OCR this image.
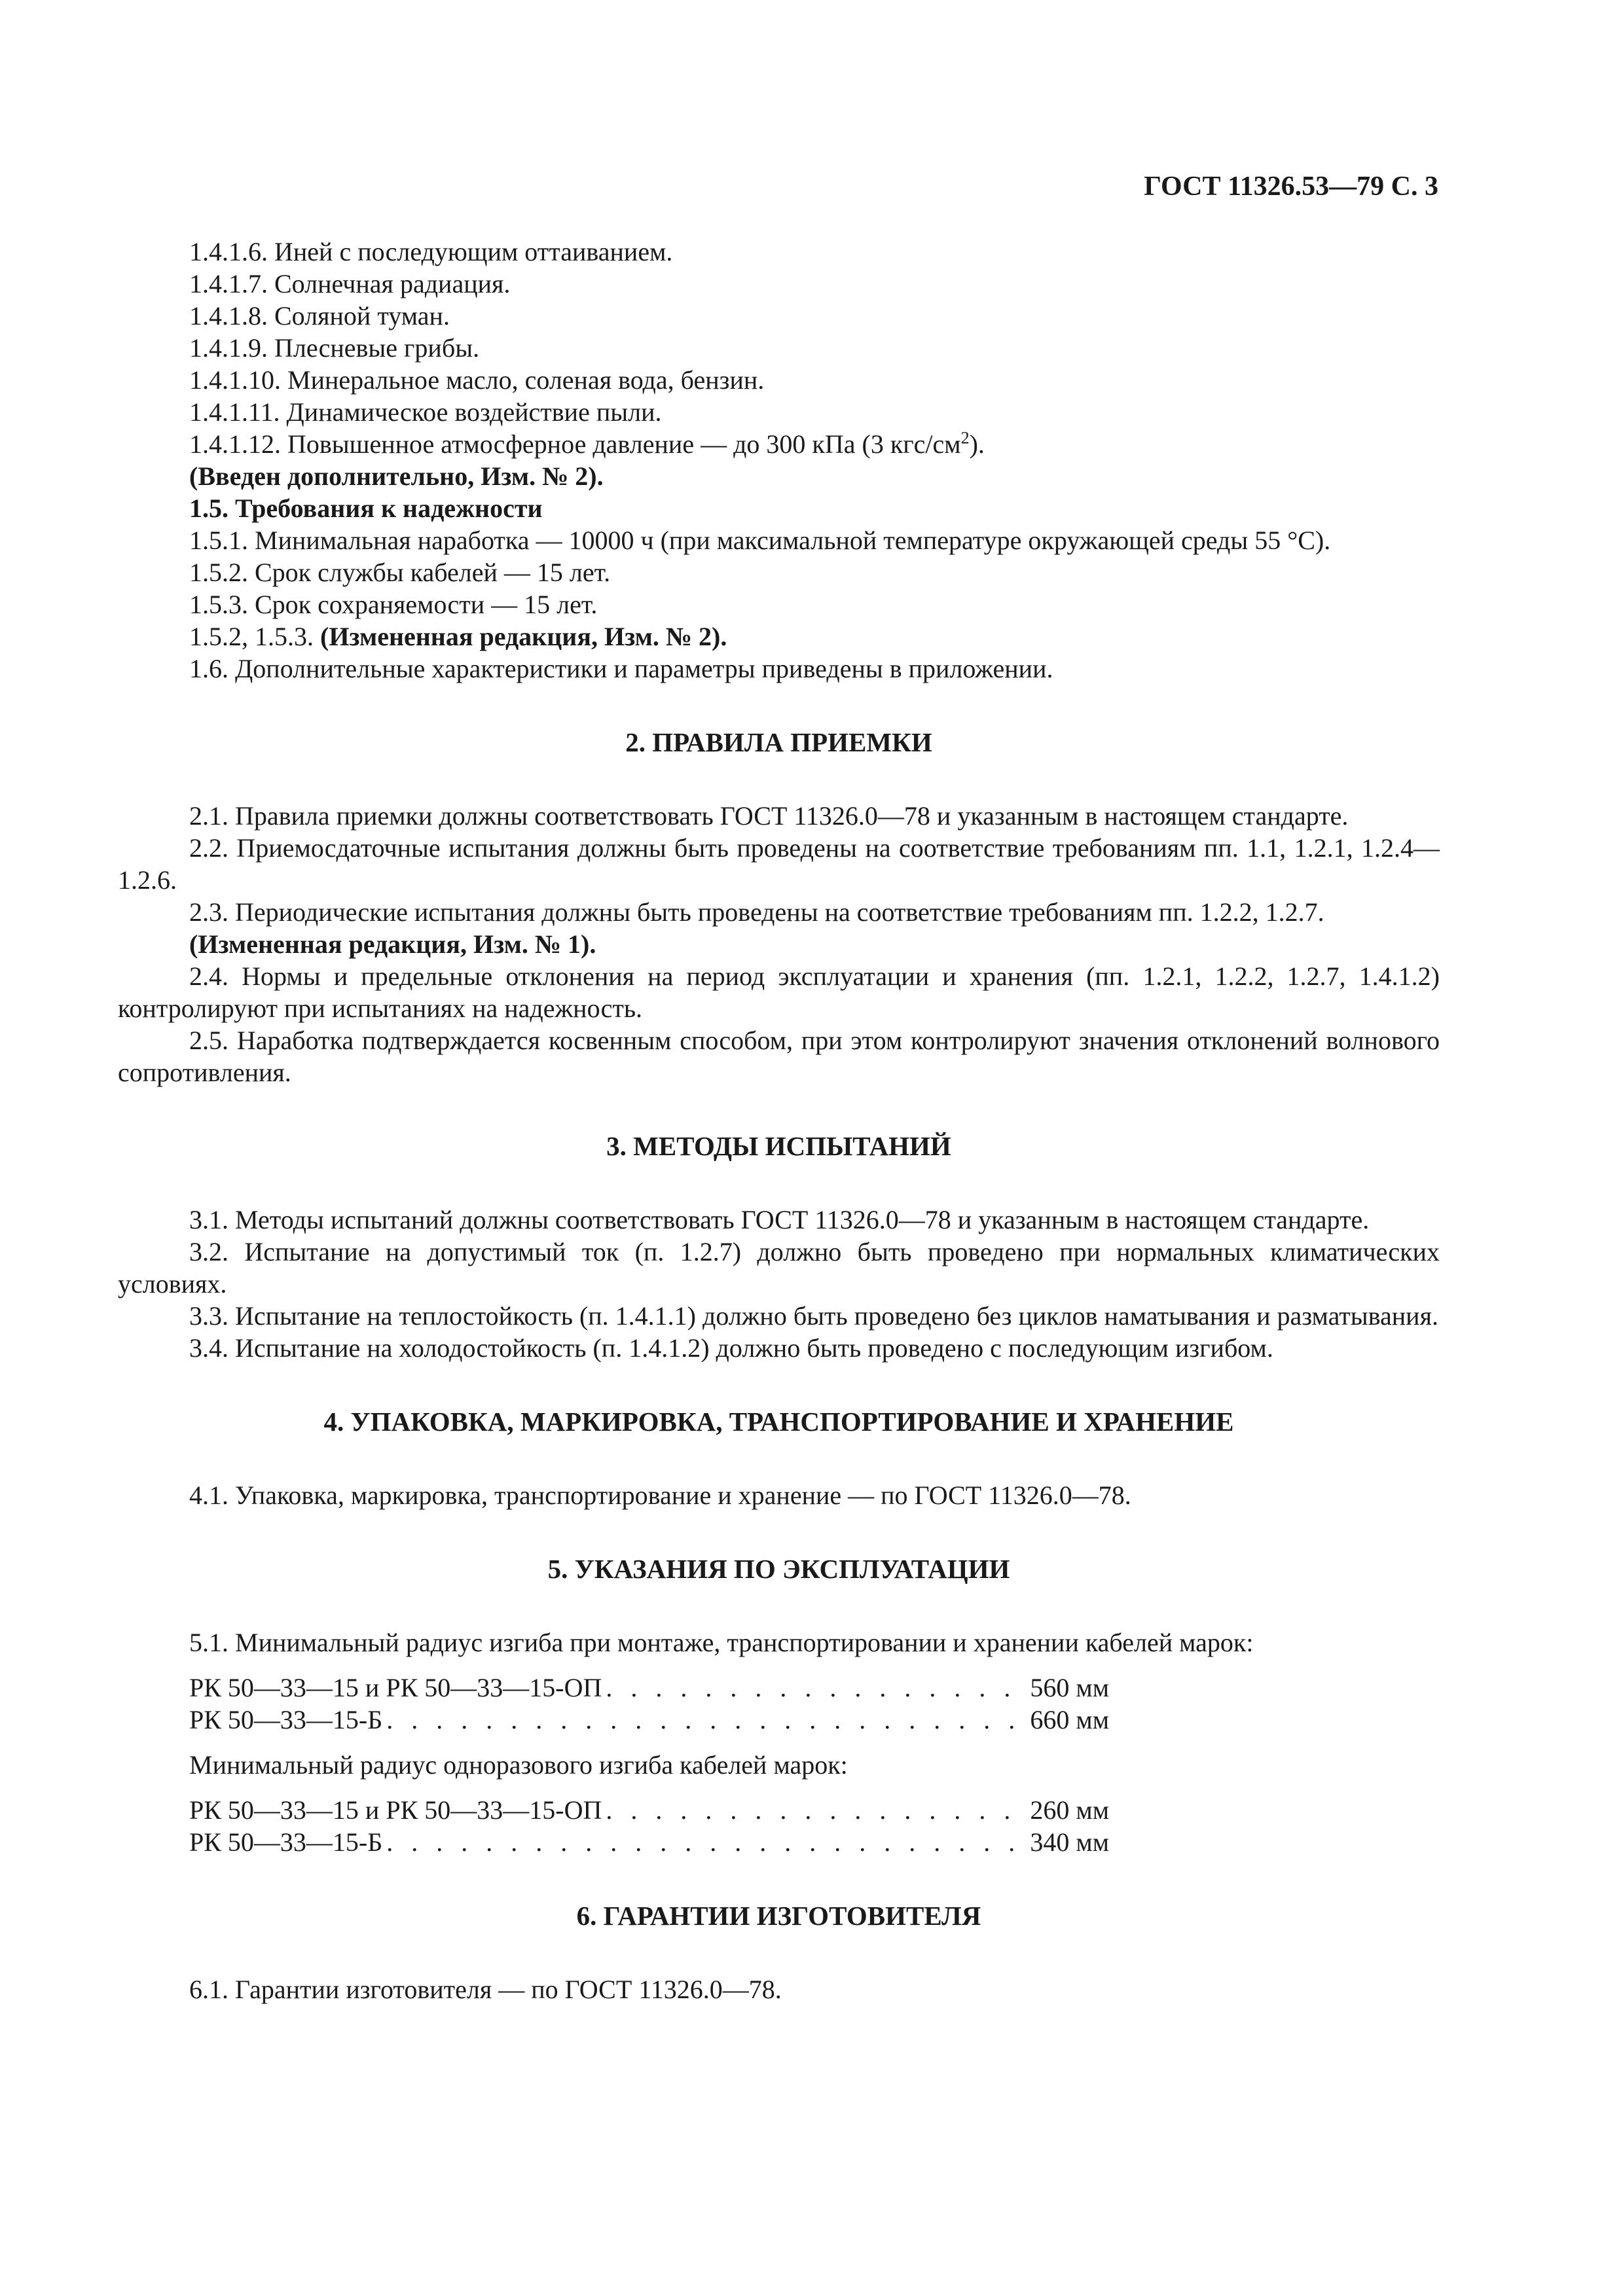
ГОСТ 11326.53—79 С. 3

1.4.1.6. Иней с последующим оттаиванием.

1.4.1.7. Солнечная радиация.

1.4.1.8. Соляной туман.

1.4.1.9. Плесневые грибы.

1.4.1.10. Минеральное масло, соленая вода, бензин.

1.4.1.11. Динамическое воздействие пыли.

1.4.1.12. Повышенное атмосферное давление — до 300 кПа (3 кгс/$см^2$).

(Введен дополнительно, Изм. № 2).

1.5. Требования к надежности

1.5.1. Минимальная наработка — 10000 ч (при максимальной температуре окружающей среды 55 °С).

1.5.2. Срок службы кабелей — 15 лет.

1.5.3. Срок сохраняемости — 15 лет.

1.5.2, 1.5.3. (Измененная редакция, Изм. № 2).

1.6. Дополнительные характеристики и параметры приведены в приложении.

2. ПРАВИЛА ПРИЕМКИ

2.1. Правила приемки должны соответствовать ГОСТ 11326.0—78 и указанным в настоящем стандарте.

2.2. Приемосдаточные испытания должны быть проведены на соответствие требованиям пп. 1.1, 1.2.1, 1.2.4—1.2.6.

2.3. Периодические испытания должны быть проведены на соответствие требованиям пп. 1.2.2, 1.2.7.

(Измененная редакция, Изм. № 1).

2.4. Нормы и предельные отклонения на период эксплуатации и хранения (пп. 1.2.1, 1.2.2, 1.2.7, 1.4.1.2) контролируют при испытаниях на надежность.

2.5. Наработка подтверждается косвенным способом, при этом контролируют значения отклонений волнового сопротивления.

3. МЕТОДЫ ИСПЫТАНИЙ

3.1. Методы испытаний должны соответствовать ГОСТ 11326.0—78 и указанным в настоящем стандарте.

3.2. Испытание на допустимый ток (п. 1.2.7) должно быть проведено при нормальных климатических условиях.

3.3. Испытание на теплостойкость (п. 1.4.1.1) должно быть проведено без циклов наматывания и разматывания.

3.4. Испытание на холодостойкость (п. 1.4.1.2) должно быть проведено с последующим изгибом.

4. УПАКОВКА, МАРКИРОВКА, ТРАНСПОРТИРОВАНИЕ И ХРАНЕНИЕ

4.1. Упаковка, маркировка, транспортирование и хранение — по ГОСТ 11326.0—78.

5. УКАЗАНИЯ ПО ЭКСПЛУАТАЦИИ

5.1. Минимальный радиус изгиба при монтаже, транспортировании и хранении кабелей марок:

РК 50—33—15 и РК 50—33—15-ОП . . .	560 мм
РК 50—33—15-Б . . .	660 мм

Минимальный радиус одноразового изгиба кабелей марок:

РК 50—33—15 и РК 50—33—15-ОП . . .	260 мм
РК 50—33—15-Б . . .	340 мм
6. ГАРАНТИИ ИЗГОТОВИТЕЛЯ

6.1. Гарантии изготовителя — по ГОСТ 11326.0—78.
